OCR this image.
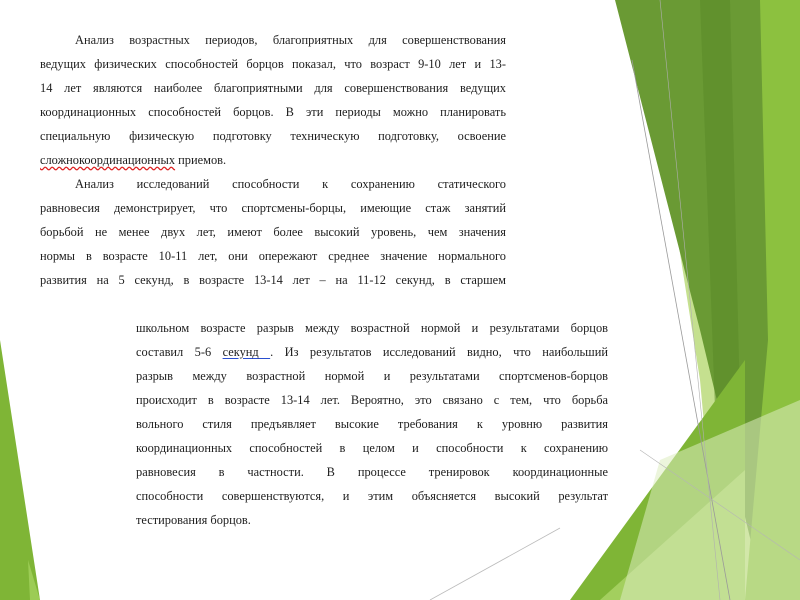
Анализ возрастных периодов, благоприятных для совершенствования
ведущих физических способностей борцов показал, что возраст 9-10 лет и 13-
14 лет являются наиболее благоприятными для совершенствования ведущих
координационных способностей борцов. В эти периоды можно планировать
специальную физическую подготовку техническую подготовку, освоение
сложнокоординационных приемов.

Анализ исследований способности к сохранению статического
равновесия демонстрирует, что спортсмены-борцы, имеющие стаж занятий
борьбой не менее двух лет, имеют более высокий уровень, чем значения
нормы в возрасте 10-11 лет, они опережают среднее значение нормального
развития на 5 секунд, в возрасте 13-14 лет – на 11-12 секунд, в старшем

школьном возрасте разрыв между возрастной нормой и результатами борцов
составил 5-6 секунд . Из результатов исследований видно, что наибольший
разрыв между возрастной нормой и результатами спортсменов-борцов
происходит в возрасте 13-14 лет. Вероятно, это связано с тем, что борьба
вольного стиля предъявляет высокие требования к уровню развития
координационных способностей в целом и способности к сохранению
равновесия в частности. В процессе тренировок координационные
способности совершенствуются, и этим объясняется высокий результат
тестирования борцов.
